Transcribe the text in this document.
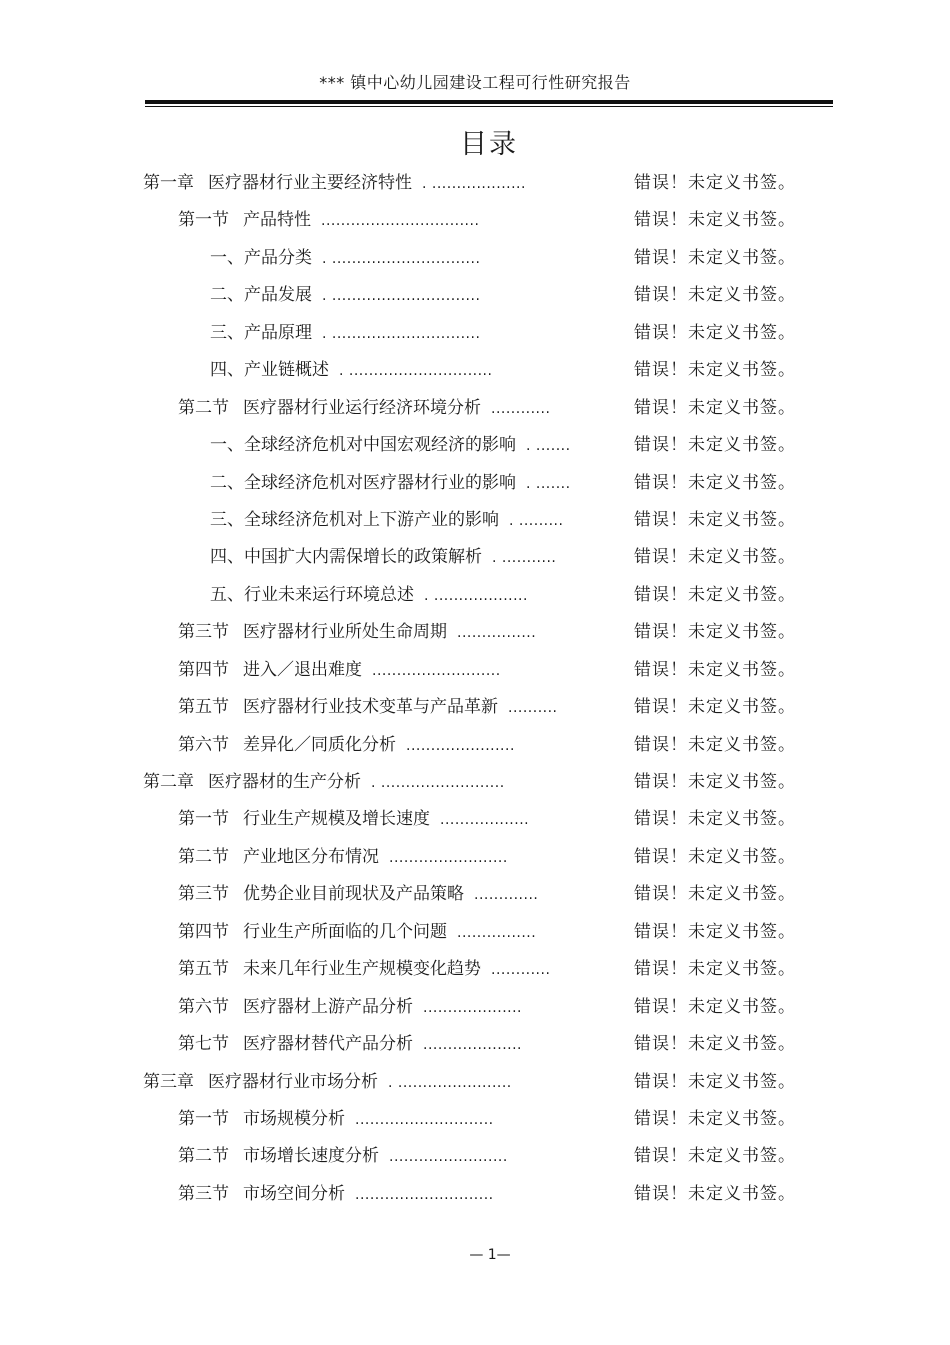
*** 镇中心幼儿园建设工程可行性研究报告
目录
第一章 医疗器材行业主要经济特性 . ...................	错误！未定义书签。
第一节 产品特性 ................................	错误！未定义书签。
一、产品分类 . ..............................	错误！未定义书签。
二、产品发展 . ..............................	错误！未定义书签。
三、产品原理 . ..............................	错误！未定义书签。
四、产业链概述 . .............................	错误！未定义书签。
第二节 医疗器材行业运行经济环境分析 ............	错误！未定义书签。
一、全球经济危机对中国宏观经济的影响 . .......	错误！未定义书签。
二、全球经济危机对医疗器材行业的影响 . .......	错误！未定义书签。
三、全球经济危机对上下游产业的影响 . .........	错误！未定义书签。
四、中国扩大内需保增长的政策解析 . ...........	错误！未定义书签。
五、行业未来运行环境总述 . ...................	错误！未定义书签。
第三节 医疗器材行业所处生命周期 ................	错误！未定义书签。
第四节 进入／退出难度 ..........................	错误！未定义书签。
第五节 医疗器材行业技术变革与产品革新 ..........	错误！未定义书签。
第六节 差异化／同质化分析 ......................	错误！未定义书签。
第二章 医疗器材的生产分析 . .........................	错误！未定义书签。
第一节 行业生产规模及增长速度 ..................	错误！未定义书签。
第二节 产业地区分布情况 ........................	错误！未定义书签。
第三节 优势企业目前现状及产品策略 .............	错误！未定义书签。
第四节 行业生产所面临的几个问题 ................	错误！未定义书签。
第五节 未来几年行业生产规模变化趋势 ............	错误！未定义书签。
第六节 医疗器材上游产品分析 ....................	错误！未定义书签。
第七节 医疗器材替代产品分析 ....................	错误！未定义书签。
第三章 医疗器材行业市场分析 . .......................	错误！未定义书签。
第一节 市场规模分析 ............................	错误！未定义书签。
第二节 市场增长速度分析 ........................	错误！未定义书签。
第三节 市场空间分析 ............................	错误！未定义书签。
— 1—
